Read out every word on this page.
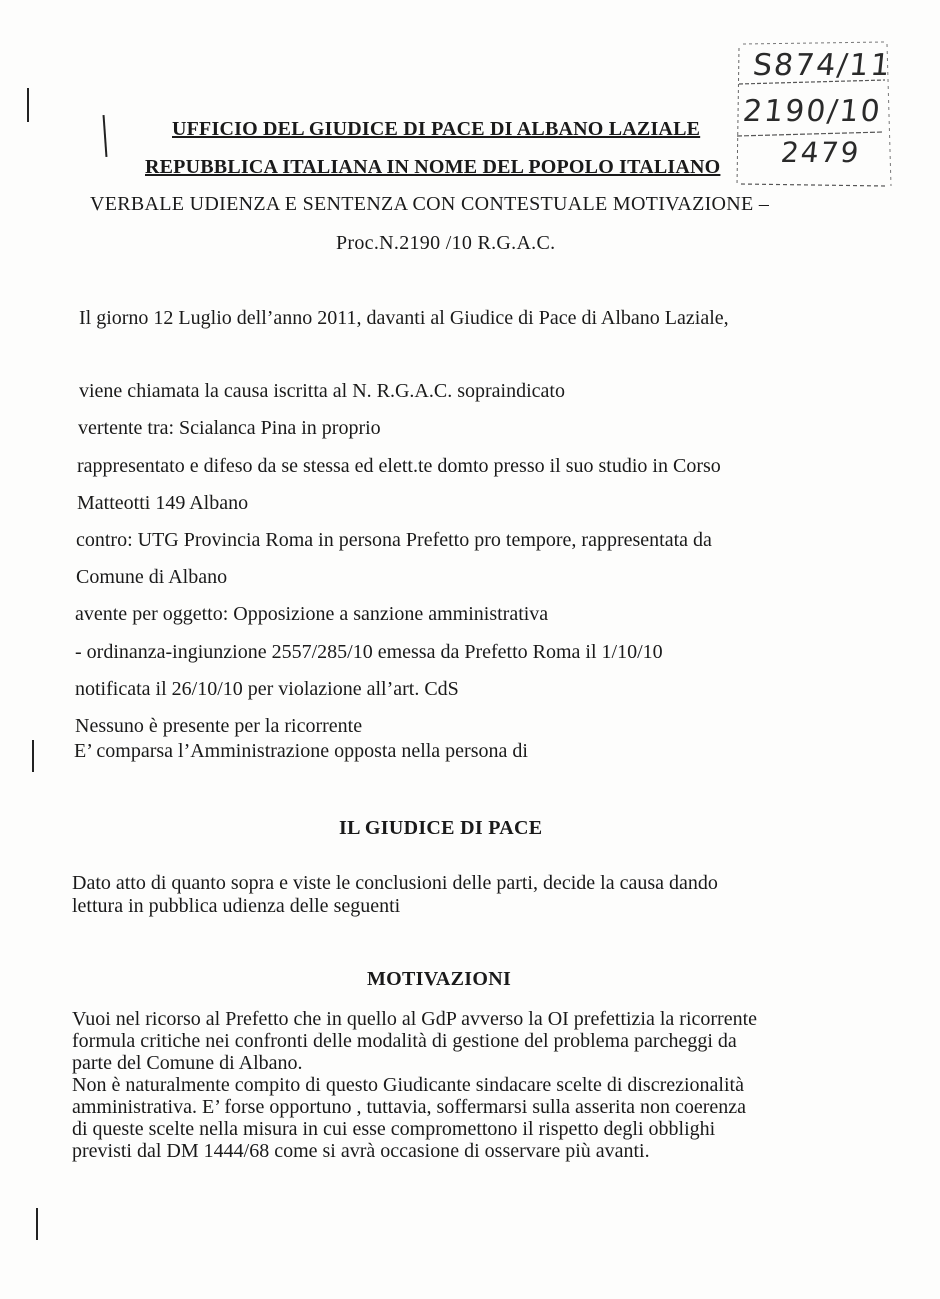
S874/11
2190/10
2479
UFFICIO DEL GIUDICE DI PACE DI ALBANO LAZIALE
REPUBBLICA ITALIANA IN NOME DEL POPOLO ITALIANO
VERBALE UDIENZA E SENTENZA CON CONTESTUALE MOTIVAZIONE –
Proc.N.2190 /10 R.G.A.C.
Il giorno 12 Luglio dell’anno 2011, davanti al Giudice di Pace di Albano Laziale,
viene chiamata la causa iscritta al N. R.G.A.C. sopraindicato
vertente tra: Scialanca Pina in proprio
rappresentato e difeso da se stessa ed elett.te domto presso il suo studio in Corso
Matteotti 149 Albano
contro: UTG Provincia Roma in persona Prefetto pro tempore, rappresentata da
Comune di Albano
avente per oggetto: Opposizione a sanzione amministrativa
- ordinanza-ingiunzione 2557/285/10 emessa da Prefetto Roma il 1/10/10
notificata il 26/10/10 per violazione all’art. CdS
Nessuno è presente per la ricorrente
E’ comparsa l’Amministrazione opposta nella persona di
IL GIUDICE DI PACE
Dato atto di quanto sopra e viste le conclusioni delle parti, decide la causa dando
lettura in pubblica udienza delle seguenti
MOTIVAZIONI
Vuoi nel ricorso al Prefetto che in quello al GdP avverso la OI prefettizia la ricorrente
formula critiche nei confronti delle modalità di gestione del problema parcheggi da
parte del Comune di Albano.
Non è naturalmente compito di questo Giudicante sindacare scelte di discrezionalità
amministrativa. E’ forse opportuno , tuttavia, soffermarsi sulla asserita non coerenza
di queste scelte nella misura in cui esse compromettono il rispetto degli obblighi
previsti dal DM 1444/68 come si avrà occasione di osservare più avanti.
